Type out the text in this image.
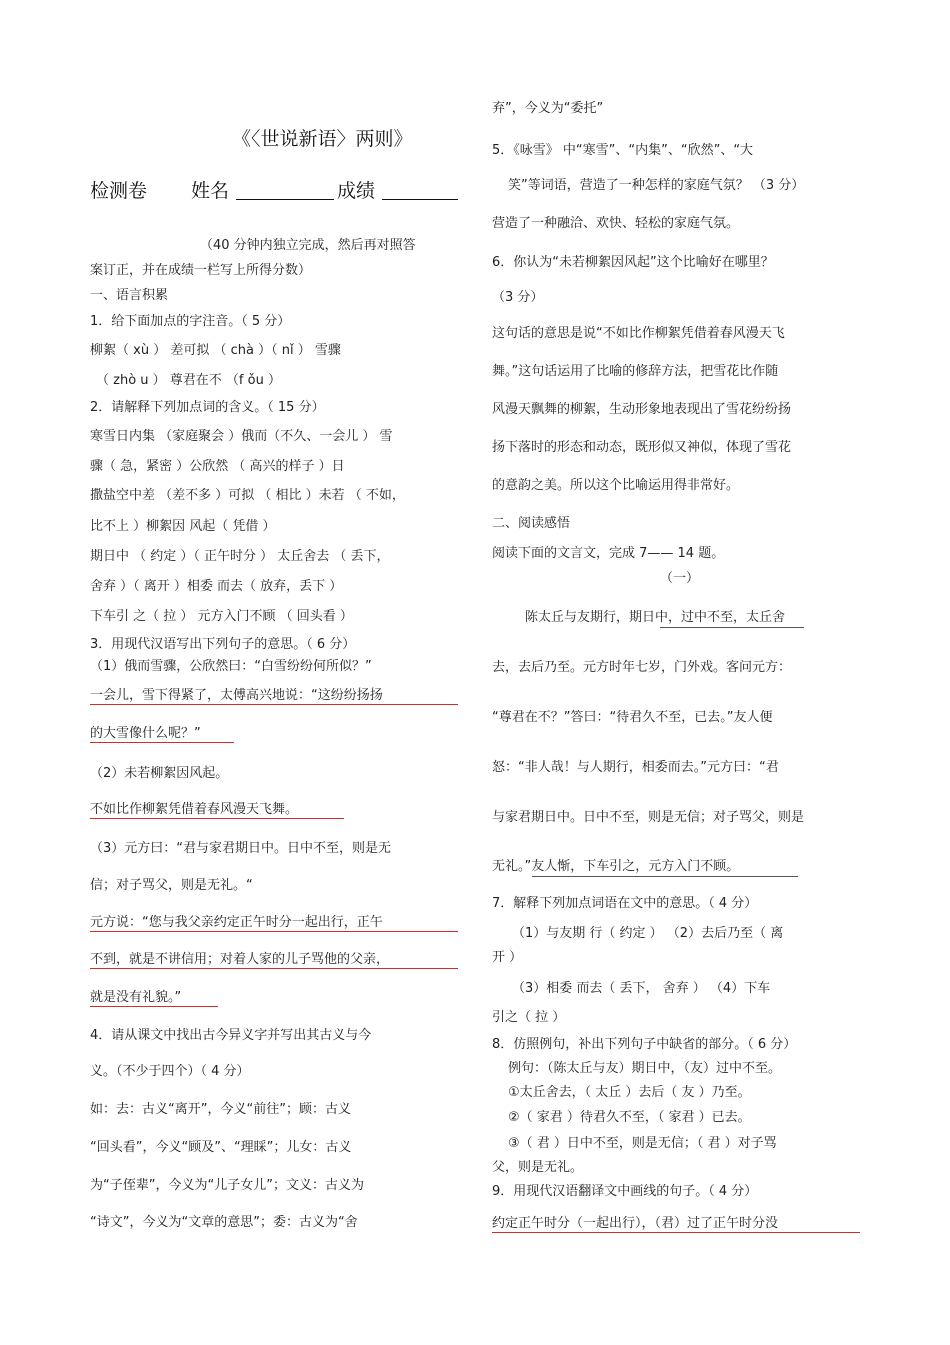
《〈世说新语〉两则》
检测卷 姓名	成绩
（40 分钟内独立完成，然后再对照答
案订正，并在成绩一栏写上所得分数）
一、语言积累
1．给下面加点的字注音。（ 5 分）
柳絮（ xù ） 差可拟 （ chà ）（ nǐ ） 雪骤
（ zhò u ） 尊君在不 （f ǒu ）
2．请解释下列加点词的含义。（ 15 分）
寒雪日内集 （家庭聚会 ）俄而（不久、一会儿 ） 雪
骤（ 急，紧密 ）公欣然 （ 高兴的样子 ）日
撒盐空中差 （差不多 ）可拟 （ 相比 ）未若 （ 不如，
比不上 ）柳絮因 风起（ 凭借 ）
期日中 （ 约定 ）（ 正午时分 ） 太丘舍去 （ 丢下，
舍弃 ）（ 离开 ）相委 而去（ 放弃，丢下 ）
下车引 之（ 拉 ） 元方入门不顾 （ 回头看 ）
3．用现代汉语写出下列句子的意思。（ 6 分）
（1）俄而雪骤，公欣然曰：“白雪纷纷何所似？”
一会儿，雪下得紧了，太傅高兴地说：“这纷纷扬扬
的大雪像什么呢？”
（2）未若柳絮因风起。
不如比作柳絮凭借着春风漫天飞舞。
（3）元方曰：“君与家君期日中。日中不至，则是无
信；对子骂父，则是无礼。“
元方说：“您与我父亲约定正午时分一起出行，正午
不到，就是不讲信用；对着人家的儿子骂他的父亲，
就是没有礼貌。”
4．请从课文中找出古今异义字并写出其古义与今
义。（不少于四个）（ 4 分）
如：去：古义“离开”，今义“前往”；顾：古义
“回头看”，今义“顾及”、“理睬”；儿女：古义
为“子侄辈”，今义为“儿子女儿”；文义：古义为
“诗文”，今义为“文章的意思”；委：古义为“舍
弃”，今义为“委托”
5．《咏雪》 中“寒雪”、“内集”、“欣然”、“大
笑”等词语，营造了一种怎样的家庭气氛？ （3 分）
营造了一种融洽、欢快、轻松的家庭气氛。
6．你认为“未若柳絮因风起”这个比喻好在哪里？
（3 分）
这句话的意思是说“不如比作柳絮凭借着春风漫天飞
舞。”这句话运用了比喻的修辞方法，把雪花比作随
风漫天飘舞的柳絮，生动形象地表现出了雪花纷纷扬
扬下落时的形态和动态，既形似又神似，体现了雪花
的意韵之美。所以这个比喻运用得非常好。
二、阅读感悟
阅读下面的文言文，完成 7—— 14 题。
（一）
陈太丘与友期行，期日中，过中不至，太丘舍
去，去后乃至。元方时年七岁，门外戏。客问元方：
“尊君在不？”答曰：“待君久不至，已去。”友人便
怒：“非人哉！与人期行，相委而去。”元方曰：“君
与家君期日中。日中不至，则是无信；对子骂父，则是
无礼。”友人惭，下车引之，元方入门不顾。
7．解释下列加点词语在文中的意思。（ 4 分）
（1）与友期 行（ 约定 ） （2）去后乃至（ 离
开 ）
（3）相委 而去（ 丢下， 舍弃 ） （4）下车
引之（ 拉 ）
8．仿照例句，补出下列句子中缺省的部分。（ 6 分）
例句：（陈太丘与友）期日中，（友）过中不至。
①太丘舍去，（ 太丘 ）去后（ 友 ）乃至。
②（ 家君 ）待君久不至，（ 家君 ）已去。
③（ 君 ）日中不至，则是无信；（ 君 ）对子骂
父，则是无礼。
9．用现代汉语翻译文中画线的句子。（ 4 分）
约定正午时分（一起出行），（君）过了正午时分没
